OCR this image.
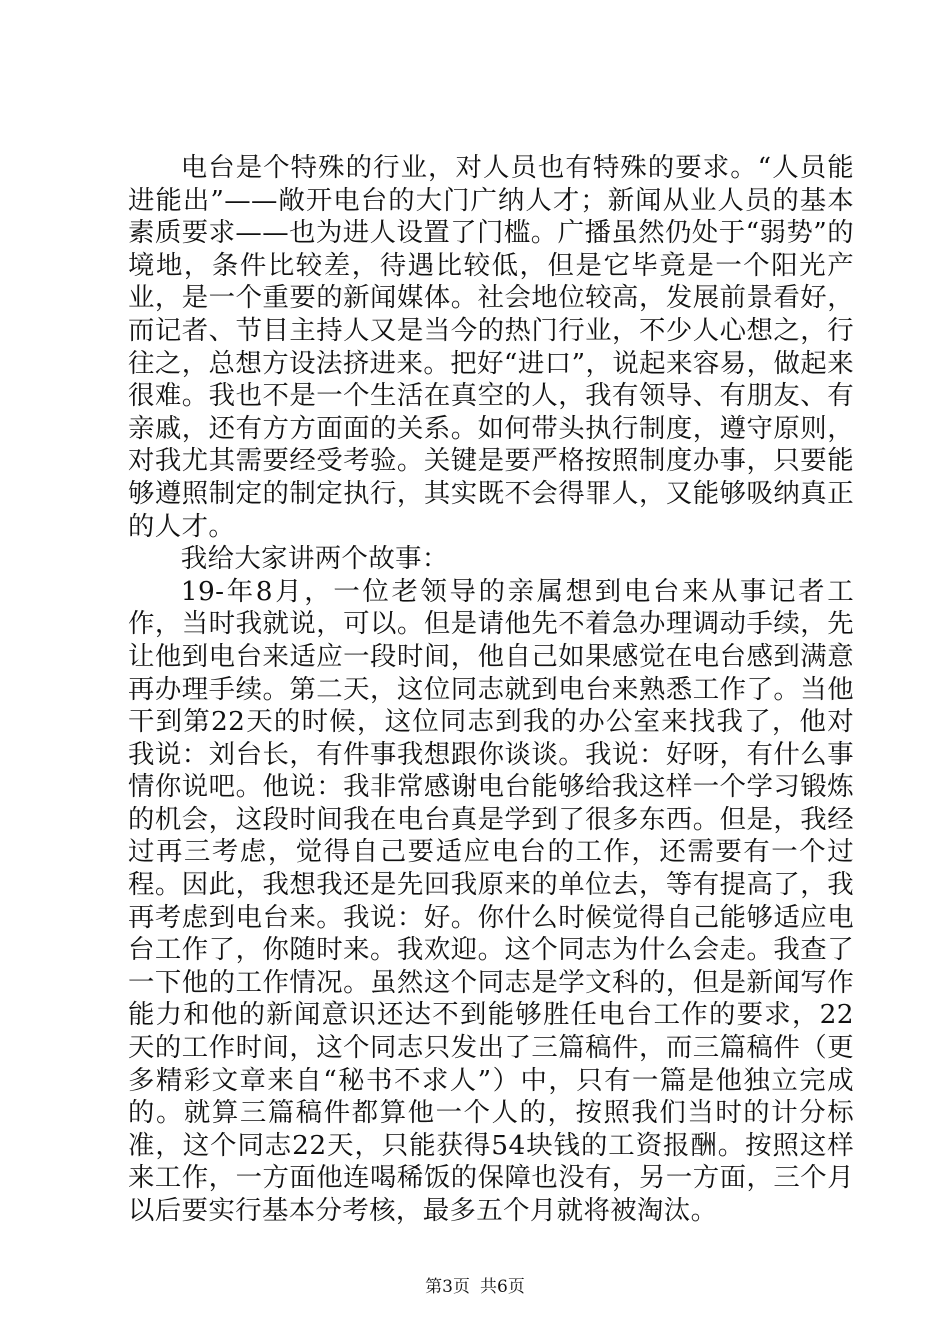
电台是个特殊的行业，对人员也有特殊的要求。“人员能进能出”——敞开电台的大门广纳人才；新闻从业人员的基本素质要求——也为进人设置了门槛。广播虽然仍处于“弱势”的境地，条件比较差，待遇比较低，但是它毕竟是一个阳光产业，是一个重要的新闻媒体。社会地位较高，发展前景看好，而记者、节目主持人又是当今的热门行业，不少人心想之，行往之，总想方设法挤进来。把好“进口”，说起来容易，做起来很难。我也不是一个生活在真空的人，我有领导、有朋友、有亲戚，还有方方面面的关系。如何带头执行制度，遵守原则，对我尤其需要经受考验。关键是要严格按照制度办事，只要能够遵照制定的制定执行，其实既不会得罪人，又能够吸纳真正的人才。

我给大家讲两个故事：

19-年8月，一位老领导的亲属想到电台来从事记者工作，当时我就说，可以。但是请他先不着急办理调动手续，先让他到电台来适应一段时间，他自己如果感觉在电台感到满意再办理手续。第二天，这位同志就到电台来熟悉工作了。当他干到第22天的时候，这位同志到我的办公室来找我了，他对我说：刘台长，有件事我想跟你谈谈。我说：好呀，有什么事情你说吧。他说：我非常感谢电台能够给我这样一个学习锻炼的机会，这段时间我在电台真是学到了很多东西。但是，我经过再三考虑，觉得自己要适应电台的工作，还需要有一个过程。因此，我想我还是先回我原来的单位去，等有提高了，我再考虑到电台来。我说：好。你什么时候觉得自己能够适应电台工作了，你随时来。我欢迎。这个同志为什么会走。我查了一下他的工作情况。虽然这个同志是学文科的，但是新闻写作能力和他的新闻意识还达不到能够胜任电台工作的要求，22天的工作时间，这个同志只发出了三篇稿件，而三篇稿件（更多精彩文章来自“秘书不求人”）中，只有一篇是他独立完成的。就算三篇稿件都算他一个人的，按照我们当时的计分标准，这个同志22天，只能获得54块钱的工资报酬。按照这样来工作，一方面他连喝稀饭的保障也没有，另一方面，三个月以后要实行基本分考核，最多五个月就将被淘汰。

第3页 共6页
